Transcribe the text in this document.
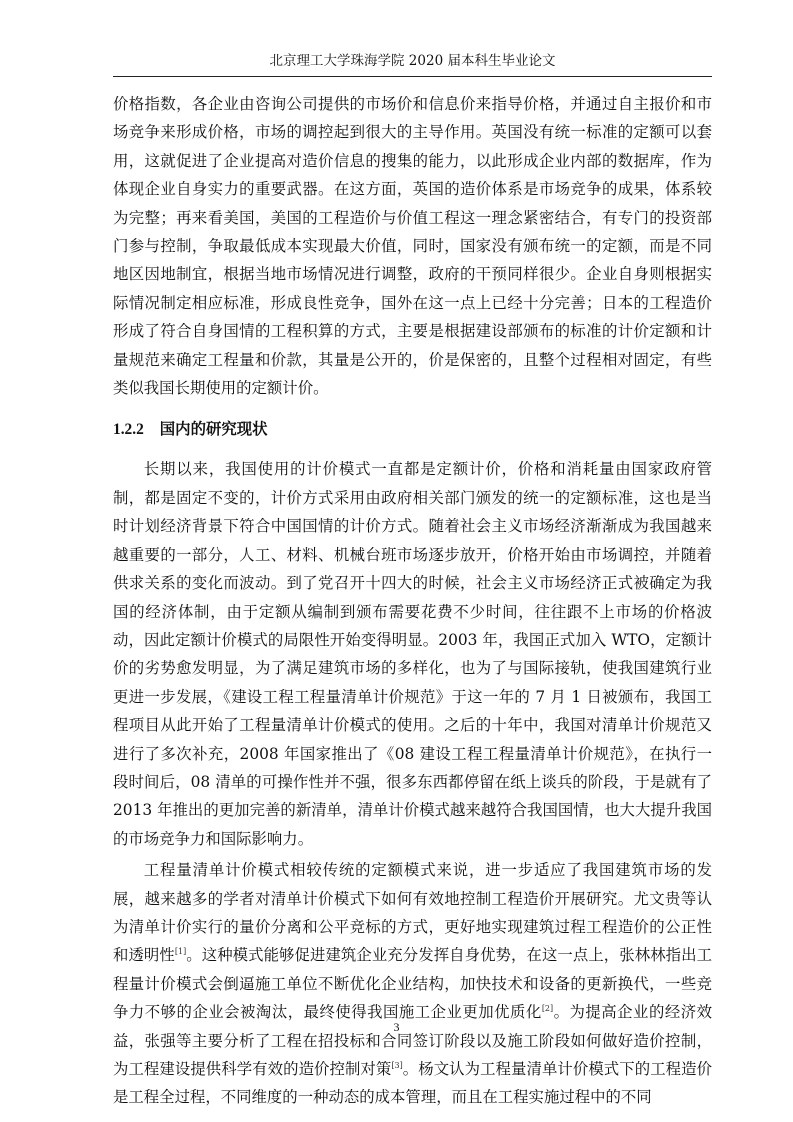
北京理工大学珠海学院 2020 届本科生毕业论文

价格指数，各企业由咨询公司提供的市场价和信息价来指导价格，并通过自主报价和市场竞争来形成价格，市场的调控起到很大的主导作用。英国没有统一标准的定额可以套用，这就促进了企业提高对造价信息的搜集的能力，以此形成企业内部的数据库，作为体现企业自身实力的重要武器。在这方面，英国的造价体系是市场竞争的成果，体系较为完整；再来看美国，美国的工程造价与价值工程这一理念紧密结合，有专门的投资部门参与控制，争取最低成本实现最大价值，同时，国家没有颁布统一的定额，而是不同地区因地制宜，根据当地市场情况进行调整，政府的干预同样很少。企业自身则根据实际情况制定相应标准，形成良性竞争，国外在这一点上已经十分完善；日本的工程造价形成了符合自身国情的工程积算的方式，主要是根据建设部颁布的标准的计价定额和计量规范来确定工程量和价款，其量是公开的，价是保密的，且整个过程相对固定，有些类似我国长期使用的定额计价。

1.2.2 国内的研究现状

长期以来，我国使用的计价模式一直都是定额计价，价格和消耗量由国家政府管制，都是固定不变的，计价方式采用由政府相关部门颁发的统一的定额标准，这也是当时计划经济背景下符合中国国情的计价方式。随着社会主义市场经济渐渐成为我国越来越重要的一部分，人工、材料、机械台班市场逐步放开，价格开始由市场调控，并随着供求关系的变化而波动。到了党召开十四大的时候，社会主义市场经济正式被确定为我国的经济体制，由于定额从编制到颁布需要花费不少时间，往往跟不上市场的价格波动，因此定额计价模式的局限性开始变得明显。2003 年，我国正式加入 WTO，定额计价的劣势愈发明显，为了满足建筑市场的多样化，也为了与国际接轨，使我国建筑行业更进一步发展，《建设工程工程量清单计价规范》于这一年的 7 月 1 日被颁布，我国工程项目从此开始了工程量清单计价模式的使用。之后的十年中，我国对清单计价规范又进行了多次补充，2008 年国家推出了《08 建设工程工程量清单计价规范》，在执行一段时间后，08 清单的可操作性并不强，很多东西都停留在纸上谈兵的阶段，于是就有了 2013 年推出的更加完善的新清单，清单计价模式越来越符合我国国情，也大大提升我国的市场竞争力和国际影响力。

工程量清单计价模式相较传统的定额模式来说，进一步适应了我国建筑市场的发展，越来越多的学者对清单计价模式下如何有效地控制工程造价开展研究。尤文贵等认为清单计价实行的量价分离和公平竞标的方式，更好地实现建筑过程工程造价的公正性和透明性[1]。这种模式能够促进建筑企业充分发挥自身优势，在这一点上，张林林指出工程量计价模式会倒逼施工单位不断优化企业结构，加快技术和设备的更新换代，一些竞争力不够的企业会被淘汰，最终使得我国施工企业更加优质化[2]。为提高企业的经济效益，张强等主要分析了工程在招投标和合同签订阶段以及施工阶段如何做好造价控制，为工程建设提供科学有效的造价控制对策[3]。杨文认为工程量清单计价模式下的工程造价是工程全过程，不同维度的一种动态的成本管理，而且在工程实施过程中的不同

3
